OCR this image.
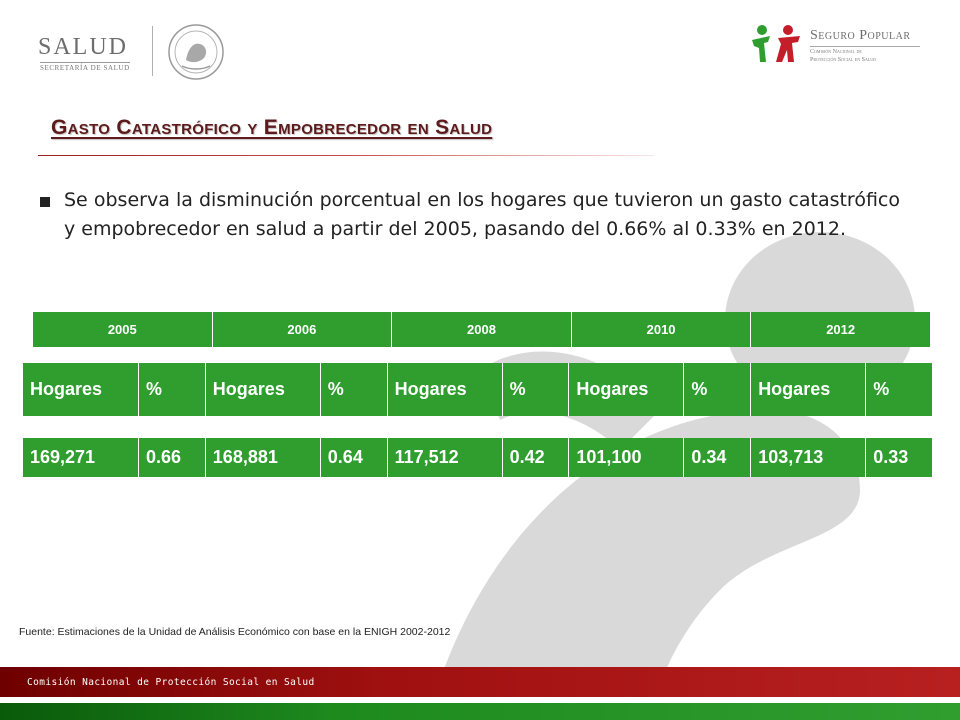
SALUD
SECRETARÍA DE SALUD
Seguro Popular
Comisión Nacional de
Protección Social en Salud
Gasto Catastrófico y Empobrecedor en Salud
Se observa la disminución porcentual en los hogares que tuvieron un gasto catastrófico y empobrecedor en salud a partir del 2005, pasando del 0.66% al 0.33% en 2012.
2005	2006	2008	2010	2012
Hogares	%	Hogares	%	Hogares	%	Hogares	%	Hogares	%
169,271	0.66	168,881	0.64	117,512	0.42	101,100	0.34	103,713	0.33
Fuente: Estimaciones de la Unidad de Análisis Económico con base en la ENIGH 2002-2012
Comisión Nacional de Protección Social en Salud
